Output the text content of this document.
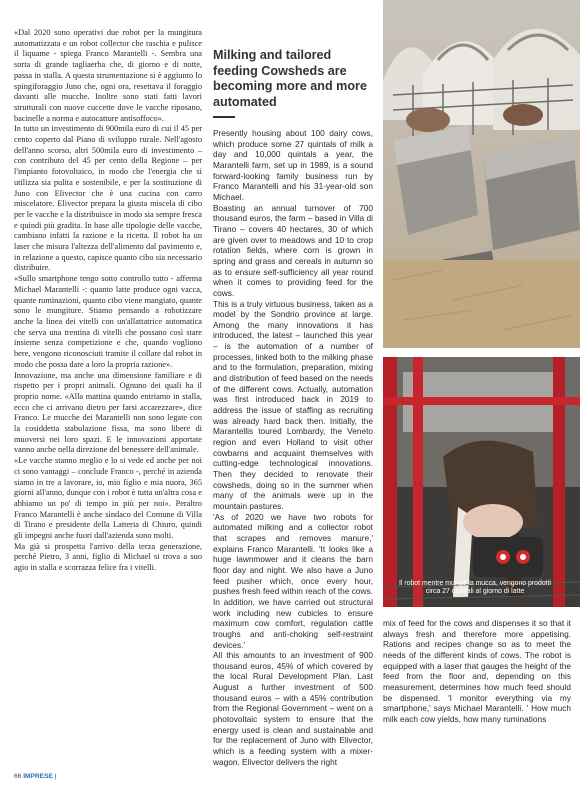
«Dal 2020 sono operativi due robot per la mungitura automatizzata e un robot collector che raschia e pulisce il liquame - spiega Franco Marantelli -. Sembra una sorta di grande tagliaerba che, di giorno e di notte, passa in stalla. A questa strumentazione si è aggiunto lo spingiforaggio Juno che, ogni ora, resettava il foraggio davanti alle mucche. Inoltre sono stati fatti lavori strutturali con nuove cuccette dove le vacche riposano, bacinelle a norma e autocatture antisoffoco».

In tutto un investimento di 900mila euro di cui il 45 per cento coperto dal Piano di sviluppo rurale. Nell'agosto dell'anno scorso, altri 500mila euro di investimento – con contributo del 45 per cento della Regione – per l'impianto fotovoltaico, in modo che l'energia che si utilizza sia pulita e sostenibile, e per la sostituzione di Juno con Elivector che è una cucina con carro miscelatore. Elivector prepara la giusta miscela di cibo per le vacche e la distribuisce in modo sia sempre fresca e quindi più gradita. In base alle tipologie delle vacche, cambiano infatti la razione e la ricetta. Il robot ha un laser che misura l'altezza dell'alimento dal pavimento e, in relazione a questo, capisce quanto cibo sia necessario distribuire.

«Sullo smartphone tengo sotto controllo tutto - afferma Michael Marantelli -: quanto latte produce ogni vacca, quante ruminazioni, quanto cibo viene mangiato, quante sono le mungiture. Stiamo pensando a robotizzare anche la linea dei vitelli con un'allattatrice automatica che serva una trentina di vitelli che possano così stare insieme senza competizione e che, quando vogliono bere, vengono riconosciuti tramite il collare dal robot in modo che possa dare a loro la propria razione».

Innovazione, ma anche una dimensione familiare e di rispetto per i propri animali. Ognuno dei quali ha il proprio nome. «Alla mattina quando entriamo in stalla, ecco che ci arrivano dietro per farsi accarezzare», dice Franco. Le mucche dei Marantelli non sono legate con la cosiddetta stabulazione fissa, ma sono libere di muoversi nei loro spazi. E le innovazioni apportate vanno anche nella direzione del benessere dell'animale.

«Le vacche stanno meglio e lo si vede ed anche per noi ci sono vantaggi – conclude Franco -, perché in azienda siamo in tre a lavorare, io, mio figlio e mia nuora, 365 giorni all'anno, dunque con i robot è tutta un'altra cosa e abbiamo un po' di tempo in più per noi». Peraltro Franco Marantelli è anche sindaco del Comune di Villa di Tirano e presidente della Latteria di Chiuro, quindi gli impegni anche fuori dall'azienda sono molti.

Ma già si prospetta l'arrivo della terza generazione, perché Pietro, 3 anni, figlio di Michael si trova a suo agio in stalla e scorrazza felice fra i vitelli.

Milking and tailored feeding Cowsheds are becoming more and more automated

Presently housing about 100 dairy cows, which produce some 27 quintals of milk a day and 10,000 quintals a year, the Marantelli farm, set up in 1989, is a sound forward-looking family business run by Franco Marantelli and his 31-year-old son Michael.

Boasting an annual turnover of 700 thousand euros, the farm – based in Villa di Tirano – covers 40 hectares, 30 of which are given over to meadows and 10 to crop rotation fields, where corn is grown in spring and grass and cereals in autumn so as to ensure self-sufficiency all year round when it comes to providing feed for the cows.

This is a truly virtuous business, taken as a model by the Sondrio province at large. Among the many innovations it has introduced, the latest – launched this year – is the automation of a number of processes, linked both to the milking phase and to the formulation, preparation, mixing and distribution of feed based on the needs of the different cows. Actually, automation was first introduced back in 2019 to address the issue of staffing as recruiting was already hard back then. Initially, the Marantellis toured Lombardy, the Veneto region and even Holland to visit other cowbarns and acquaint themselves with cutting-edge technological innovations. Then they decided to renovate their cowsheds, doing so in the summer when many of the animals were up in the mountain pastures.

'As of 2020 we have two robots for automated milking and a collector robot that scrapes and removes manure,' explains Franco Marantelli. 'It looks like a huge lawnmower and it cleans the barn floor day and night. We also have a Juno feed pusher which, once every hour, pushes fresh feed within reach of the cows. In addition, we have carried out structural work including new cubicles to ensure maximum cow comfort, regulation cattle troughs and anti-choking self-restraint devices.'

All this amounts to an investment of 900 thousand euros, 45% of which covered by the local Rural Development Plan. Last August a further investment of 500 thousand euros – with a 45% contribution from the Regional Government – went on a photovoltaic system to ensure that the energy used is clean and sustainable and for the replacement of Juno with Elivector, which is a feeding system with a mixer-wagon. Elivector delivers the right

Il robot mentre munge la mucca, vengono prodotti circa 27 quintali al giorno di latte
mix of feed for the cows and dispenses it so that it always fresh and therefore more appetising. Rations and recipes change so as to meet the needs of the different kinds of cows. The robot is equipped with a laser that gauges the height of the feed from the floor and, depending on this measurement, determines how much feed should be dispensed. 'I monitor everything via my smartphone,' says Michael Marantelli. ' How much milk each cow yields, how many ruminations
66 IMPRESE |
